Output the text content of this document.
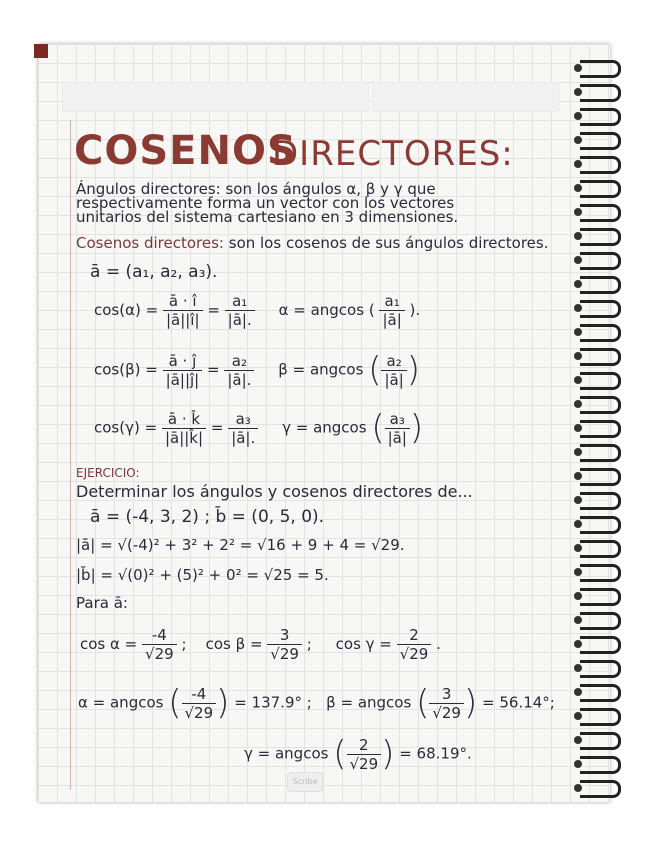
COSENOS
DIRECTORES:
Ángulos directores: son los ángulos α, β y γ que
respectivamente forma un vector con los vectores
unitarios del sistema cartesiano en 3 dimensiones.
Cosenos directores: son los cosenos de sus ángulos directores.
ā = (a₁, a₂, a₃).
$\cos(\alpha) = \frac{ā \cdot î}{|ā||î|} = \frac{\text{a₁}}{|ā|.}$ α = angcos ( $\frac{\text{a₁}}{|ā|}$ ).
$\cos(\beta) = \frac{ā \cdot ĵ}{|ā||ĵ|} = \frac{\text{a₂}}{|ā|.}$ β = angcos ( $\frac{\text{a₂}}{|ā|}$ )
$\cos(\gamma) = \frac{ā \cdot k̂}{|ā||k̂|} = \frac{\text{a₃}}{|ā|.}$ γ = angcos ( $\frac{\text{a₃}}{|ā|}$ )
EJERCICIO:
Determinar los ángulos y cosenos directores de...
ā = (-4, 3, 2) ; b̄ = (0, 5, 0).
|ā| = √(-4)² + 3² + 2² = √16 + 9 + 4 = √29.
|b̄| = √(0)² + (5)² + 0² = √25 = 5.
Para ā:
$\cos \alpha = \frac{-4}{√29}$ ; $\cos \beta = \frac{3}{√29}$ ; $\cos \gamma = \frac{2}{√29}$ .
α = angcos ( $\frac{-4}{√29}$ ) = 137.9° ; β = angcos ( $\frac{3}{√29}$ ) = 56.14°;
γ = angcos ( $\frac{2}{√29}$ ) = 68.19°.
Scribe
